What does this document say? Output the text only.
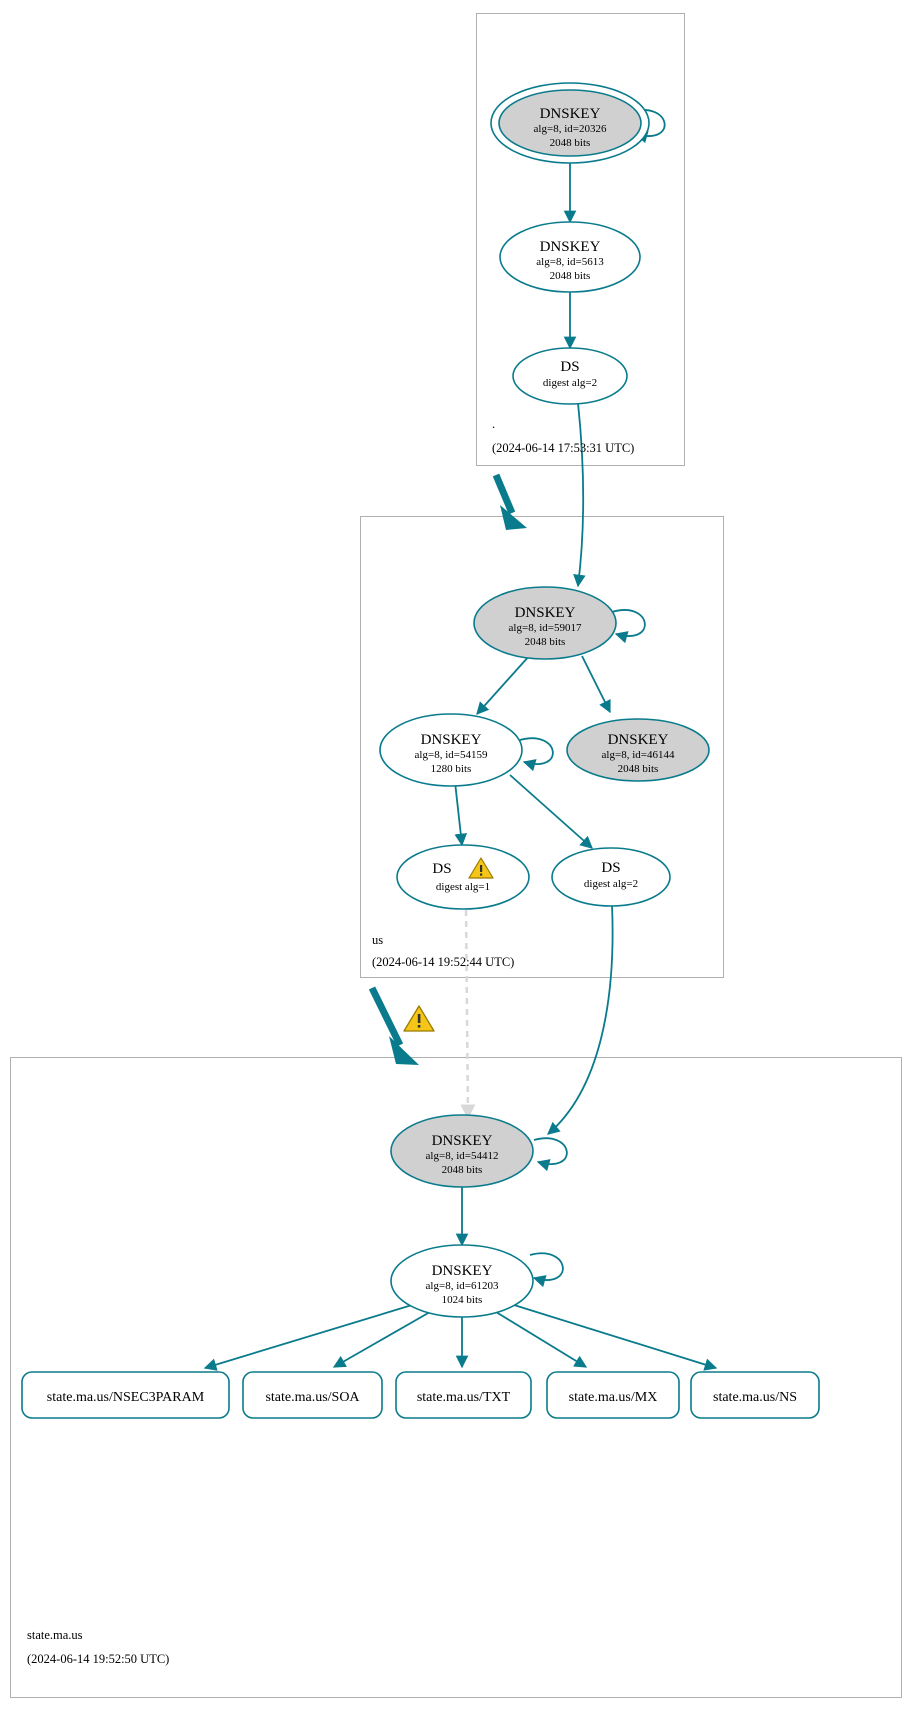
DNSKEY
alg=8, id=20326
2048 bits
DNSKEY
alg=8, id=5613
2048 bits
DS
digest alg=2
.
(2024-06-14 17:53:31 UTC)
DNSKEY
alg=8, id=59017
2048 bits
DNSKEY
alg=8, id=54159
1280 bits
DNSKEY
alg=8, id=46144
2048 bits
DS
digest alg=1
DS
digest alg=2
us
(2024-06-14 19:52:44 UTC)
DNSKEY
alg=8, id=54412
2048 bits
DNSKEY
alg=8, id=61203
1024 bits
state.ma.us/NSEC3PARAM	state.ma.us/SOA	state.ma.us/TXT	state.ma.us/MX	state.ma.us/NS
state.ma.us
(2024-06-14 19:52:50 UTC)
